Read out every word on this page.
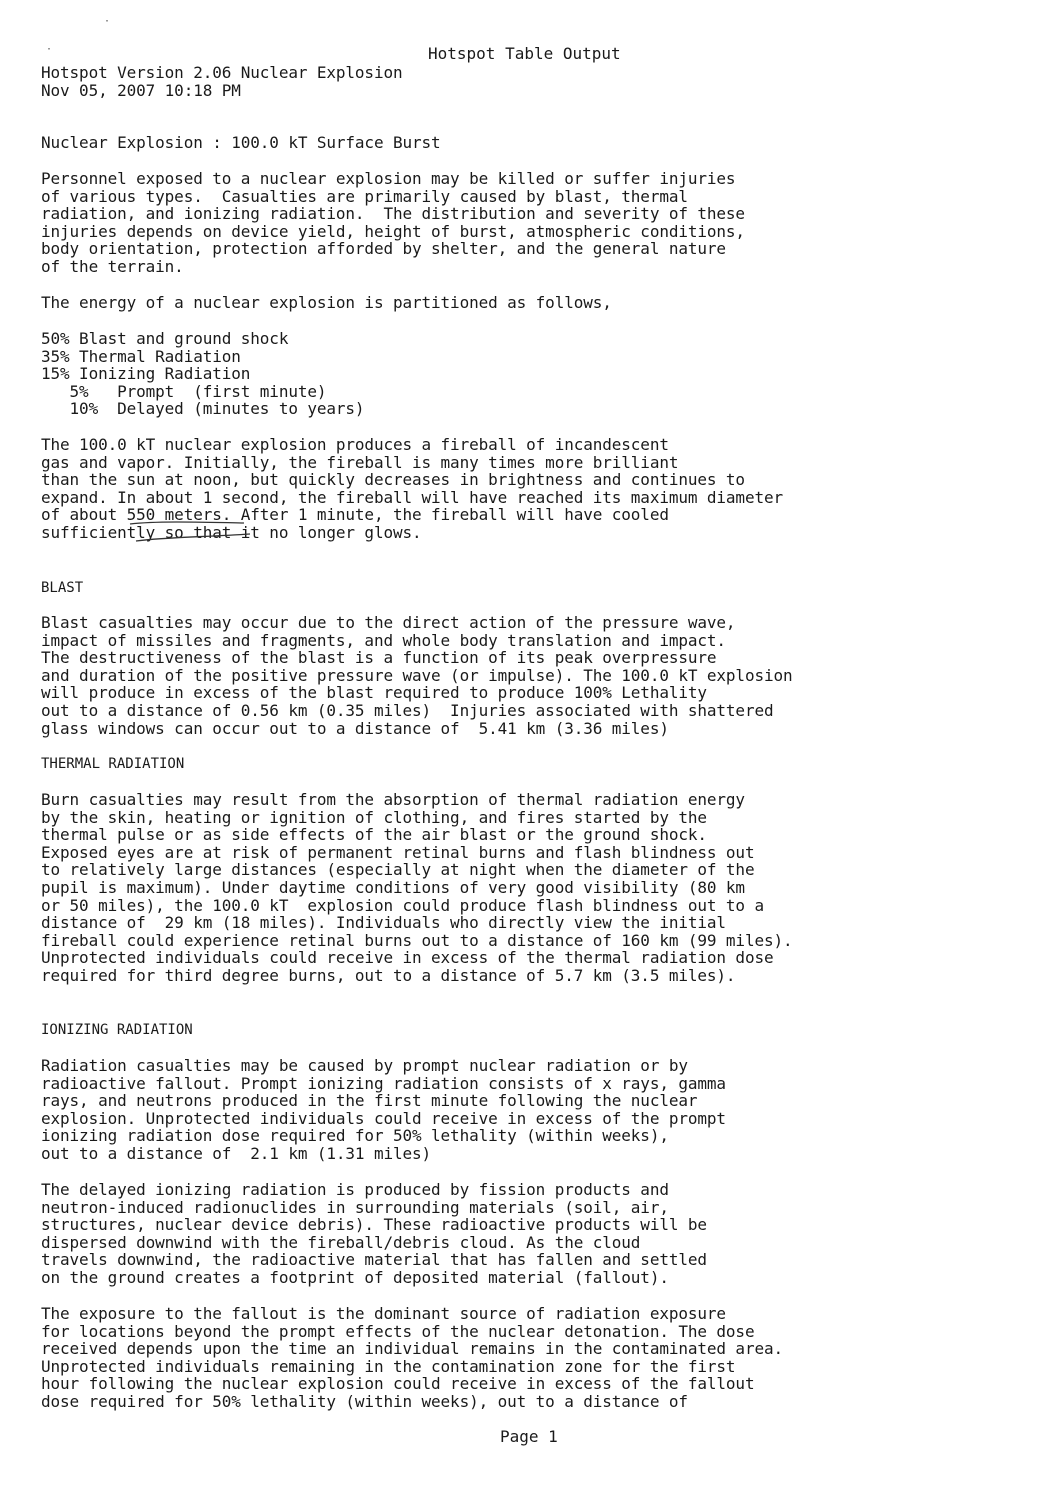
·
·	Hotspot Table Output
Hotspot Version 2.06 Nuclear Explosion
Nov 05, 2007 10:18 PM
Nuclear Explosion : 100.0 kT Surface Burst
Personnel exposed to a nuclear explosion may be killed or suffer injuries
of various types.  Casualties are primarily caused by blast, thermal
radiation, and ionizing radiation.  The distribution and severity of these
injuries depends on device yield, height of burst, atmospheric conditions,
body orientation, protection afforded by shelter, and the general nature
of the terrain.
The energy of a nuclear explosion is partitioned as follows,
50% Blast and ground shock
35% Thermal Radiation
15% Ionizing Radiation
5%   Prompt  (first minute)
10%  Delayed (minutes to years)
The 100.0 kT nuclear explosion produces a fireball of incandescent
gas and vapor. Initially, the fireball is many times more brilliant
than the sun at noon, but quickly decreases in brightness and continues to
expand. In about 1 second, the fireball will have reached its maximum diameter
of about 550 meters. After 1 minute, the fireball will have cooled
sufficiently so that it no longer glows.
BLAST
Blast casualties may occur due to the direct action of the pressure wave,
impact of missiles and fragments, and whole body translation and impact.
The destructiveness of the blast is a function of its peak overpressure
and duration of the positive pressure wave (or impulse). The 100.0 kT explosion
will produce in excess of the blast required to produce 100% Lethality
out to a distance of 0.56 km (0.35 miles)  Injuries associated with shattered
glass windows can occur out to a distance of  5.41 km (3.36 miles)
THERMAL RADIATION
Burn casualties may result from the absorption of thermal radiation energy
by the skin, heating or ignition of clothing, and fires started by the
thermal pulse or as side effects of the air blast or the ground shock.
Exposed eyes are at risk of permanent retinal burns and flash blindness out
to relatively large distances (especially at night when the diameter of the
pupil is maximum). Under daytime conditions of very good visibility (80 km
or 50 miles), the 100.0 kT  explosion could produce flash blindness out to a
distance of  29 km (18 miles). Individuals who directly view the initial
fireball could experience retinal burns out to a distance of 160 km (99 miles).
Unprotected individuals could receive in excess of the thermal radiation dose
required for third degree burns, out to a distance of 5.7 km (3.5 miles).
IONIZING RADIATION
Radiation casualties may be caused by prompt nuclear radiation or by
radioactive fallout. Prompt ionizing radiation consists of x rays, gamma
rays, and neutrons produced in the first minute following the nuclear
explosion. Unprotected individuals could receive in excess of the prompt
ionizing radiation dose required for 50% lethality (within weeks),
out to a distance of  2.1 km (1.31 miles)
The delayed ionizing radiation is produced by fission products and
neutron-induced radionuclides in surrounding materials (soil, air,
structures, nuclear device debris). These radioactive products will be
dispersed downwind with the fireball/debris cloud. As the cloud
travels downwind, the radioactive material that has fallen and settled
on the ground creates a footprint of deposited material (fallout).
The exposure to the fallout is the dominant source of radiation exposure
for locations beyond the prompt effects of the nuclear detonation. The dose
received depends upon the time an individual remains in the contaminated area.
Unprotected individuals remaining in the contamination zone for the first
hour following the nuclear explosion could receive in excess of the fallout
dose required for 50% lethality (within weeks), out to a distance of
Page 1
